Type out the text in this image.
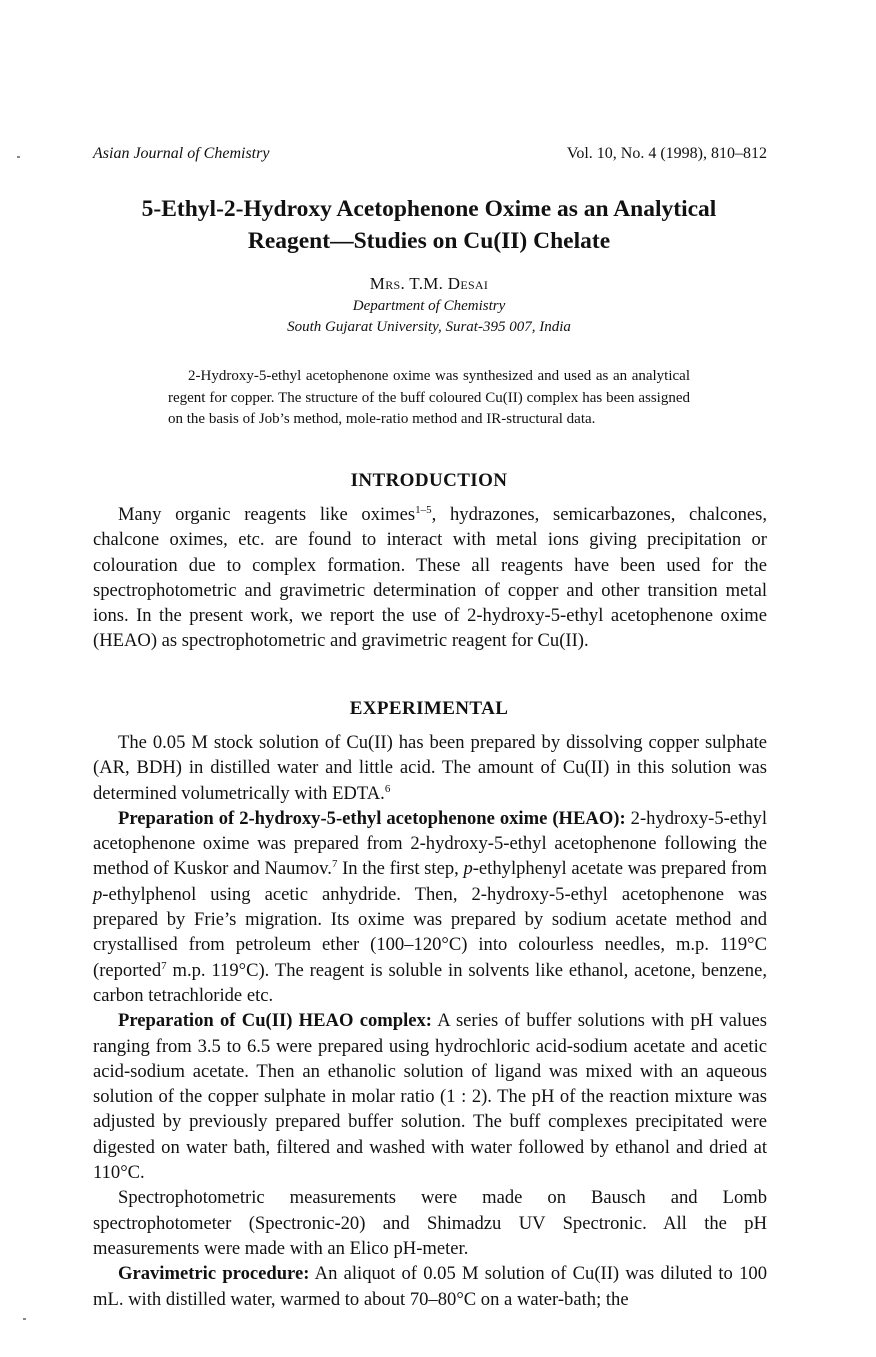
Asian Journal of Chemistry	Vol. 10, No. 4 (1998), 810–812
5-Ethyl-2-Hydroxy Acetophenone Oxime as an Analytical
Reagent—Studies on Cu(II) Chelate
Mrs. T.M. Desai
Department of Chemistry
South Gujarat University, Surat-395 007, India

2-Hydroxy-5-ethyl acetophenone oxime was synthesized and used as an analytical regent for copper. The structure of the buff coloured Cu(II) complex has been assigned on the basis of Job’s method, mole-ratio method and IR-structural data.

INTRODUCTION

Many organic reagents like oximes$^{1-5}$, hydrazones, semicarbazones, chalcones, chalcone oximes, etc. are found to interact with metal ions giving precipitation or colouration due to complex formation. These all reagents have been used for the spectrophotometric and gravimetric determination of copper and other transition metal ions. In the present work, we report the use of 2-hydroxy-5-ethyl acetophenone oxime (HEAO) as spectrophotometric and gravimetric reagent for Cu(II).

EXPERIMENTAL

The 0.05 M stock solution of Cu(II) has been prepared by dissolving copper sulphate (AR, BDH) in distilled water and little acid. The amount of Cu(II) in this solution was determined volumetrically with EDTA.$^6$

Preparation of 2-hydroxy-5-ethyl acetophenone oxime (HEAO): 2-hydroxy-5-ethyl acetophenone oxime was prepared from 2-hydroxy-5-ethyl acetophenone following the method of Kuskor and Naumov.$^7$ In the first step, p-ethylphenyl acetate was prepared from p-ethylphenol using acetic anhydride. Then, 2-hydroxy-5-ethyl acetophenone was prepared by Frie’s migration. Its oxime was prepared by sodium acetate method and crystallised from petroleum ether (100–120°C) into colourless needles, m.p. 119°C (reported$^7$ m.p. 119°C). The reagent is soluble in solvents like ethanol, acetone, benzene, carbon tetrachloride etc.

Preparation of Cu(II) HEAO complex: A series of buffer solutions with pH values ranging from 3.5 to 6.5 were prepared using hydrochloric acid-sodium acetate and acetic acid-sodium acetate. Then an ethanolic solution of ligand was mixed with an aqueous solution of the copper sulphate in molar ratio (1 : 2). The pH of the reaction mixture was adjusted by previously prepared buffer solution. The buff complexes precipitated were digested on water bath, filtered and washed with water followed by ethanol and dried at 110°C.

Spectrophotometric measurements were made on Bausch and Lomb spectrophotometer (Spectronic-20) and Shimadzu UV Spectronic. All the pH measurements were made with an Elico pH-meter.

Gravimetric procedure: An aliquot of 0.05 M solution of Cu(II) was diluted to 100 mL. with distilled water, warmed to about 70–80°C on a water-bath; the
